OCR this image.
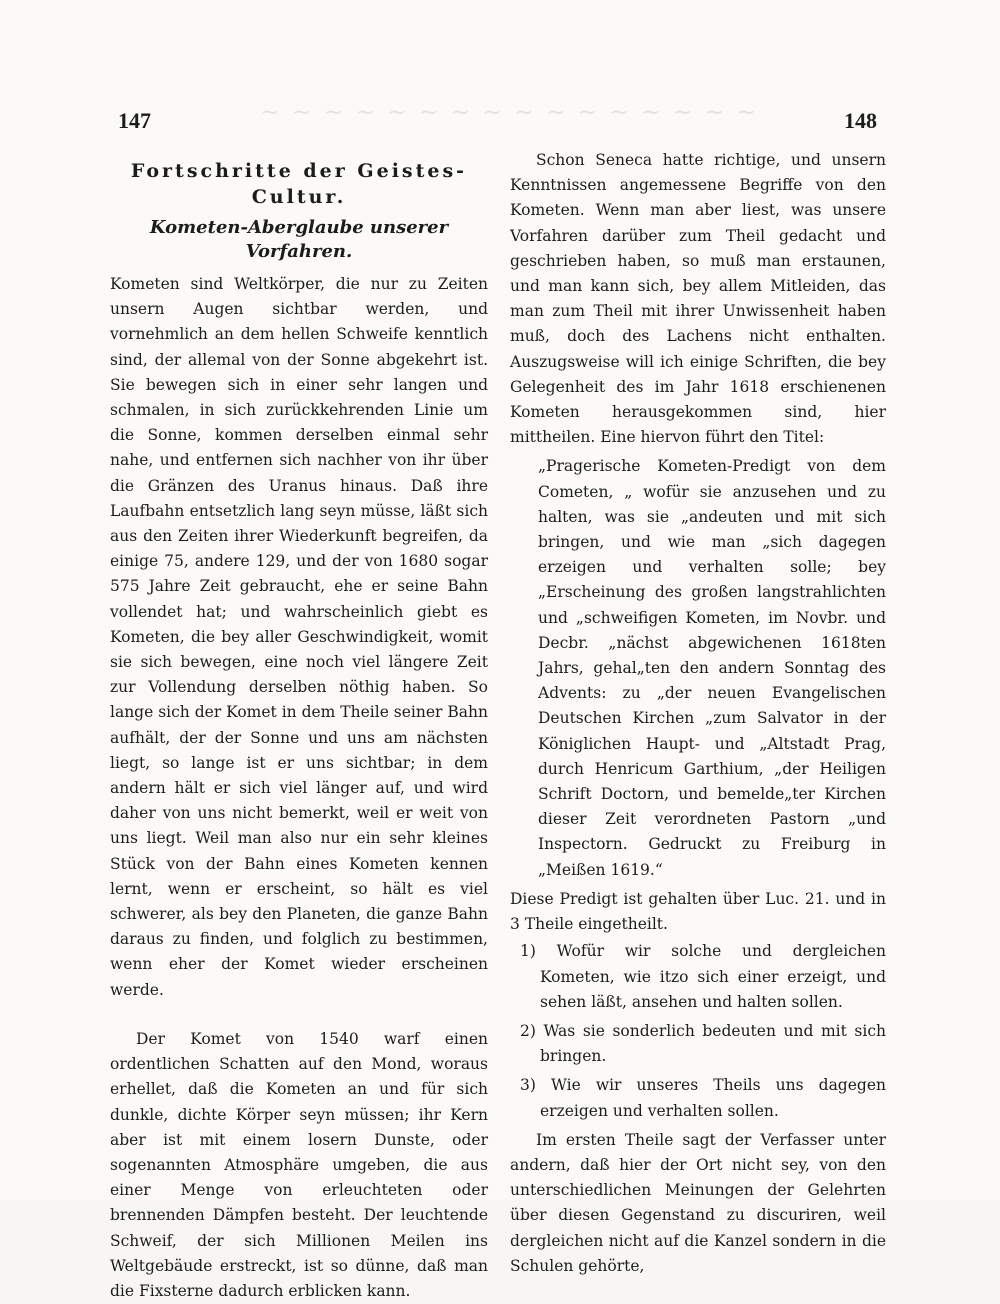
~ ~ ~ ~ ~ ~ ~ ~ ~ ~ ~ ~ ~ ~ ~ ~
147	148
Fortschritte der Geistes-Cultur.
Kometen-Aberglaube unserer Vorfahren.

Kometen sind Weltkörper, die nur zu Zeiten unsern Augen sichtbar werden, und vornehmlich an dem hellen Schweife kenntlich sind, der allemal von der Sonne abgekehrt ist. Sie bewegen sich in einer sehr langen und schmalen, in sich zurückkehrenden Linie um die Sonne, kommen derselben einmal sehr nahe, und entfernen sich nachher von ihr über die Gränzen des Uranus hinaus. Daß ihre Laufbahn entsetzlich lang seyn müsse, läßt sich aus den Zeiten ihrer Wiederkunft begreifen, da einige 75, andere 129, und der von 1680 sogar 575 Jahre Zeit gebraucht, ehe er seine Bahn vollendet hat; und wahrscheinlich giebt es Kometen, die bey aller Geschwindigkeit, womit sie sich bewegen, eine noch viel längere Zeit zur Vollendung derselben nöthig haben. So lange sich der Komet in dem Theile seiner Bahn aufhält, der der Sonne und uns am nächsten liegt, so lange ist er uns sichtbar; in dem andern hält er sich viel länger auf, und wird daher von uns nicht bemerkt, weil er weit von uns liegt. Weil man also nur ein sehr kleines Stück von der Bahn eines Kometen kennen lernt, wenn er erscheint, so hält es viel schwerer, als bey den Planeten, die ganze Bahn daraus zu finden, und folglich zu bestimmen, wenn eher der Komet wieder erscheinen werde.

Der Komet von 1540 warf einen ordentlichen Schatten auf den Mond, woraus erhellet, daß die Kometen an und für sich dunkle, dichte Körper seyn müssen; ihr Kern aber ist mit einem losern Dunste, oder sogenannten Atmosphäre umgeben, die aus einer Menge von erleuchteten oder brennenden Dämpfen besteht. Der leuchtende Schweif, der sich Millionen Meilen ins Weltgebäude erstreckt, ist so dünne, daß man die Fixsterne dadurch erblicken kann.

Schon Seneca hatte richtige, und unsern Kenntnissen angemessene Begriffe von den Kometen. Wenn man aber liest, was unsere Vorfahren darüber zum Theil gedacht und geschrieben haben, so muß man erstaunen, und man kann sich, bey allem Mitleiden, das man zum Theil mit ihrer Unwissenheit haben muß, doch des Lachens nicht enthalten. Auszugsweise will ich einige Schriften, die bey Gelegenheit des im Jahr 1618 erschienenen Kometen herausgekommen sind, hier mittheilen. Eine hiervon führt den Titel:

„Pragerische Kometen-Predigt von dem Cometen, „ wofür sie anzusehen und zu halten, was sie „andeuten und mit sich bringen, und wie man „sich dagegen erzeigen und verhalten solle; bey „Erscheinung des großen langstrahlichten und „schweifigen Kometen, im Novbr. und Decbr. „nächst abgewichenen 1618ten Jahrs, gehal„ten den andern Sonntag des Advents: zu „der neuen Evangelischen Deutschen Kirchen „zum Salvator in der Königlichen Haupt- und „Altstadt Prag, durch Henricum Garthium, „der Heiligen Schrift Doctorn, und bemelde„ter Kirchen dieser Zeit verordneten Pastorn „und Inspectorn. Gedruckt zu Freiburg in „Meißen 1619.“

Diese Predigt ist gehalten über Luc. 21. und in 3 Theile eingetheilt.

1) Wofür wir solche und dergleichen Kometen, wie itzo sich einer erzeigt, und sehen läßt, ansehen und halten sollen.
2) Was sie sonderlich bedeuten und mit sich bringen.
3) Wie wir unseres Theils uns dagegen erzeigen und verhalten sollen.

Im ersten Theile sagt der Verfasser unter andern, daß hier der Ort nicht sey, von den unterschiedlichen Meinungen der Gelehrten über diesen Gegenstand zu discuriren, weil dergleichen nicht auf die Kanzel sondern in die Schulen gehörte,
